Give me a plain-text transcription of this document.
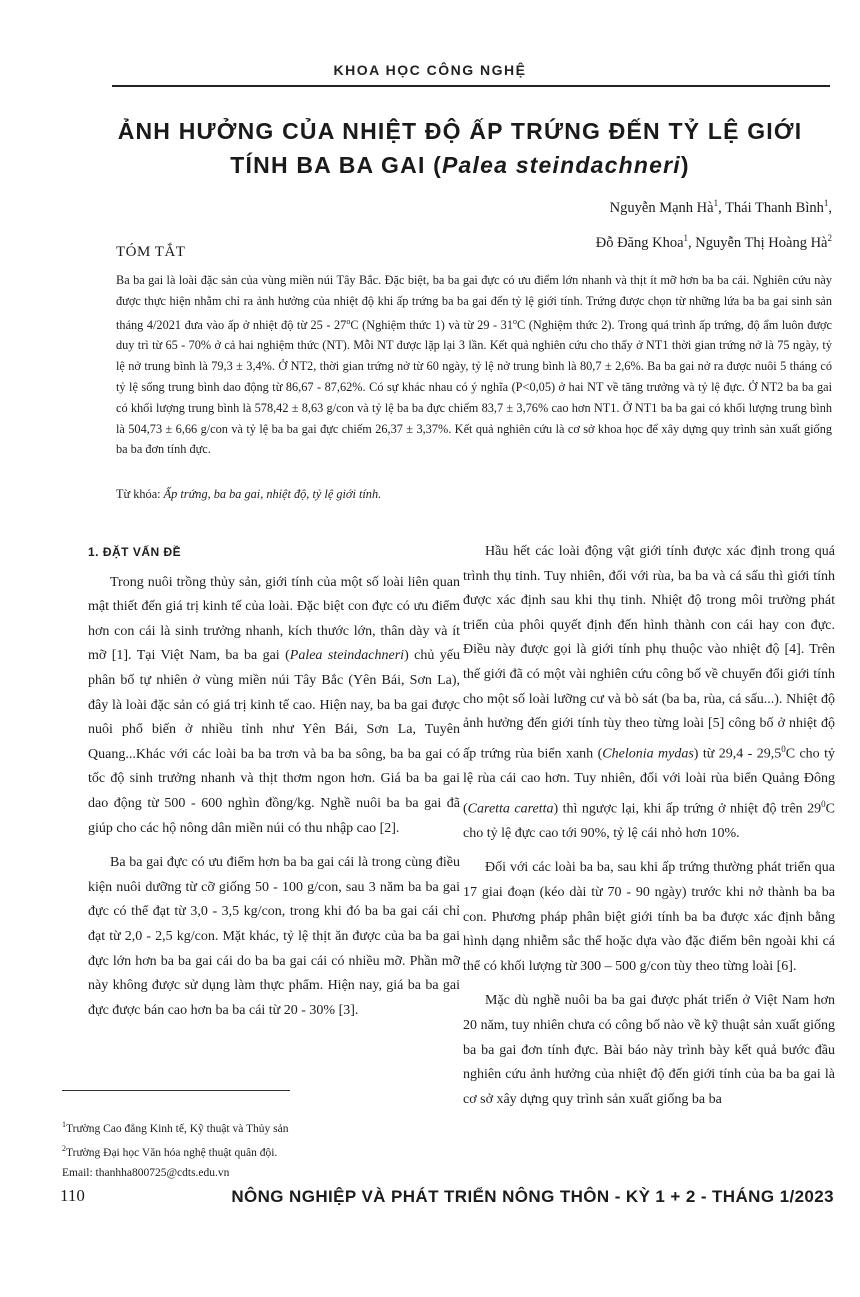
KHOA HỌC CÔNG NGHỆ
ẢNH HƯỞNG CỦA NHIỆT ĐỘ ẤP TRỨNG ĐẾN TỶ LỆ GIỚI TÍNH BA BA GAI (Palea steindachneri)
Nguyễn Mạnh $Hà^1$, Thái Thanh Bình$^1$,
Đỗ Đăng Khoa$^1$, Nguyễn Thị Hoàng $Hà^2$
TÓM TẮT

Ba ba gai là loài đặc sản của vùng miền núi Tây Bắc. Đặc biệt, ba ba gai đực có ưu điểm lớn nhanh và thịt ít mỡ hơn ba ba cái. Nghiên cứu này được thực hiện nhằm chỉ ra ảnh hưởng của nhiệt độ khi ấp trứng ba ba gai đến tỷ lệ giới tính. Trứng được chọn từ những lứa ba ba gai sinh sản tháng 4/2021 đưa vào ấp ở nhiệt độ từ 25 - 27$^o$C (Nghiệm thức 1) và từ 29 - 31$^o$C (Nghiệm thức 2). Trong quá trình ấp trứng, độ ẩm luôn được duy trì từ 65 - 70% ở cả hai nghiệm thức (NT). Mỗi NT được lặp lại 3 lần. Kết quả nghiên cứu cho thấy ở NT1 thời gian trứng nở là 75 ngày, tỷ lệ nở trung bình là 79,3 ± 3,4%. Ở NT2, thời gian trứng nở từ 60 ngày, tỷ lệ nở trung bình là 80,7 ± 2,6%. Ba ba gai nở ra được nuôi 5 tháng có tỷ lệ sống trung bình dao động từ 86,67 - 87,62%. Có sự khác nhau có ý nghĩa (P<0,05) ở hai NT về tăng trưởng và tỷ lệ đực. Ở NT2 ba ba gai có khối lượng trung bình là 578,42 ± 8,63 g/con và tỷ lệ ba ba đực chiếm 83,7 ± 3,76% cao hơn NT1. Ở NT1 ba ba gai có khối lượng trung bình là 504,73 ± 6,66 g/con và tỷ lệ ba ba gai đực chiếm 26,37 ± 3,37%. Kết quả nghiên cứu là cơ sở khoa học để xây dựng quy trình sản xuất giống ba ba đơn tính đực.

Từ khóa: Ấp trứng, ba ba gai, nhiệt độ, tỷ lệ giới tính.
1. ĐẶT VẤN ĐỀ

Trong nuôi trồng thủy sản, giới tính của một số loài liên quan mật thiết đến giá trị kinh tế của loài. Đặc biệt con đực có ưu điểm hơn con cái là sinh trưởng nhanh, kích thước lớn, thân dày và ít mỡ [1]. Tại Việt Nam, ba ba gai (Palea steindachneri) chủ yếu phân bố tự nhiên ở vùng miền núi Tây Bắc (Yên Bái, Sơn La), đây là loài đặc sản có giá trị kinh tế cao. Hiện nay, ba ba gai được nuôi phổ biến ở nhiều tỉnh như Yên Bái, Sơn La, Tuyên Quang...Khác với các loài ba ba trơn và ba ba sông, ba ba gai có tốc độ sinh trưởng nhanh và thịt thơm ngon hơn. Giá ba ba gai dao động từ 500 - 600 nghìn đồng/kg. Nghề nuôi ba ba gai đã giúp cho các hộ nông dân miền núi có thu nhập cao [2].

Ba ba gai đực có ưu điểm hơn ba ba gai cái là trong cùng điều kiện nuôi dưỡng từ cỡ giống 50 - 100 g/con, sau 3 năm ba ba gai đực có thể đạt từ 3,0 - 3,5 kg/con, trong khi đó ba ba gai cái chỉ đạt từ 2,0 - 2,5 kg/con. Mặt khác, tỷ lệ thịt ăn được của ba ba gai đực lớn hơn ba ba gai cái do ba ba gai cái có nhiều mỡ. Phần mỡ này không được sử dụng làm thực phẩm. Hiện nay, giá ba ba gai đực được bán cao hơn ba ba cái từ 20 - 30% [3].

Hầu hết các loài động vật giới tính được xác định trong quá trình thụ tinh. Tuy nhiên, đối với rùa, ba ba và cá sấu thì giới tính được xác định sau khi thụ tinh. Nhiệt độ trong môi trường phát triển của phôi quyết định đến hình thành con cái hay con đực. Điều này được gọi là giới tính phụ thuộc vào nhiệt độ [4]. Trên thế giới đã có một vài nghiên cứu công bố về chuyển đổi giới tính cho một số loài lưỡng cư và bò sát (ba ba, rùa, cá sấu...). Nhiệt độ ảnh hưởng đến giới tính tùy theo từng loài [5] công bố ở nhiệt độ ấp trứng rùa biển xanh (Chelonia mydas) từ 29,4 - 29,5$^0$C cho tỷ lệ rùa cái cao hơn. Tuy nhiên, đối với loài rùa biển Quảng Đông (Caretta caretta) thì ngược lại, khi ấp trứng ở nhiệt độ trên $29^0C$ cho tỷ lệ đực cao tới 90%, tỷ lệ cái nhỏ hơn 10%.

Đối với các loài ba ba, sau khi ấp trứng thường phát triển qua 17 giai đoạn (kéo dài từ 70 - 90 ngày) trước khi nở thành ba ba con. Phương pháp phân biệt giới tính ba ba được xác định bằng hình dạng nhiễm sắc thể hoặc dựa vào đặc điểm bên ngoài khi cá thể có khối lượng từ 300 – 500 g/con tùy theo từng loài [6].

Mặc dù nghề nuôi ba ba gai được phát triển ở Việt Nam hơn 20 năm, tuy nhiên chưa có công bố nào về kỹ thuật sản xuất giống ba ba gai đơn tính đực. Bài báo này trình bày kết quả bước đầu nghiên cứu ảnh hưởng của nhiệt độ đến giới tính của ba ba gai là cơ sở xây dựng quy trình sản xuất giống ba ba

$^1$Trường Cao đẳng Kinh tế, Kỹ thuật và Thủy sản
$^2$Trường Đại học Văn hóa nghệ thuật quân đội.
Email: thanhha800725@cdts.edu.vn
110	NÔNG NGHIỆP VÀ PHÁT TRIỂN NÔNG THÔN - KỲ 1 + 2 - THÁNG 1/2023
